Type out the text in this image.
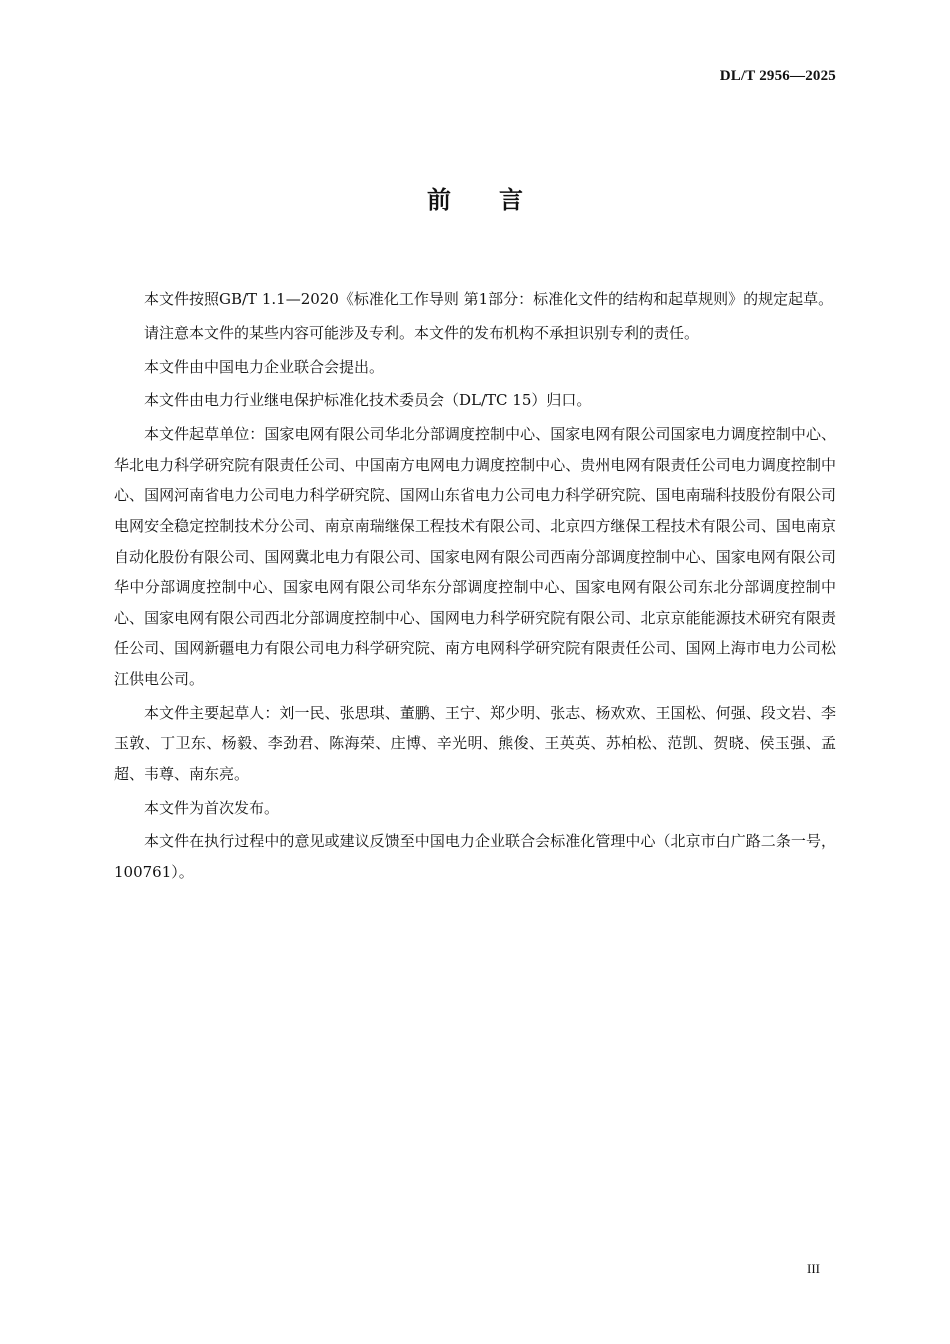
DL/T 2956—2025
前言

本文件按照GB/T 1.1—2020《标准化工作导则 第1部分：标准化文件的结构和起草规则》的规定起草。

请注意本文件的某些内容可能涉及专利。本文件的发布机构不承担识别专利的责任。

本文件由中国电力企业联合会提出。

本文件由电力行业继电保护标准化技术委员会（DL/TC 15）归口。

本文件起草单位：国家电网有限公司华北分部调度控制中心、国家电网有限公司国家电力调度控制中心、华北电力科学研究院有限责任公司、中国南方电网电力调度控制中心、贵州电网有限责任公司电力调度控制中心、国网河南省电力公司电力科学研究院、国网山东省电力公司电力科学研究院、国电南瑞科技股份有限公司电网安全稳定控制技术分公司、南京南瑞继保工程技术有限公司、北京四方继保工程技术有限公司、国电南京自动化股份有限公司、国网冀北电力有限公司、国家电网有限公司西南分部调度控制中心、国家电网有限公司华中分部调度控制中心、国家电网有限公司华东分部调度控制中心、国家电网有限公司东北分部调度控制中心、国家电网有限公司西北分部调度控制中心、国网电力科学研究院有限公司、北京京能能源技术研究有限责任公司、国网新疆电力有限公司电力科学研究院、南方电网科学研究院有限责任公司、国网上海市电力公司松江供电公司。

本文件主要起草人：刘一民、张思琪、董鹏、王宁、郑少明、张志、杨欢欢、王国松、何强、段文岩、李玉敦、丁卫东、杨毅、李劲君、陈海荣、庄博、辛光明、熊俊、王英英、苏柏松、范凯、贺晓、侯玉强、孟超、韦尊、南东亮。

本文件为首次发布。

本文件在执行过程中的意见或建议反馈至中国电力企业联合会标准化管理中心（北京市白广路二条一号，100761）。

III
